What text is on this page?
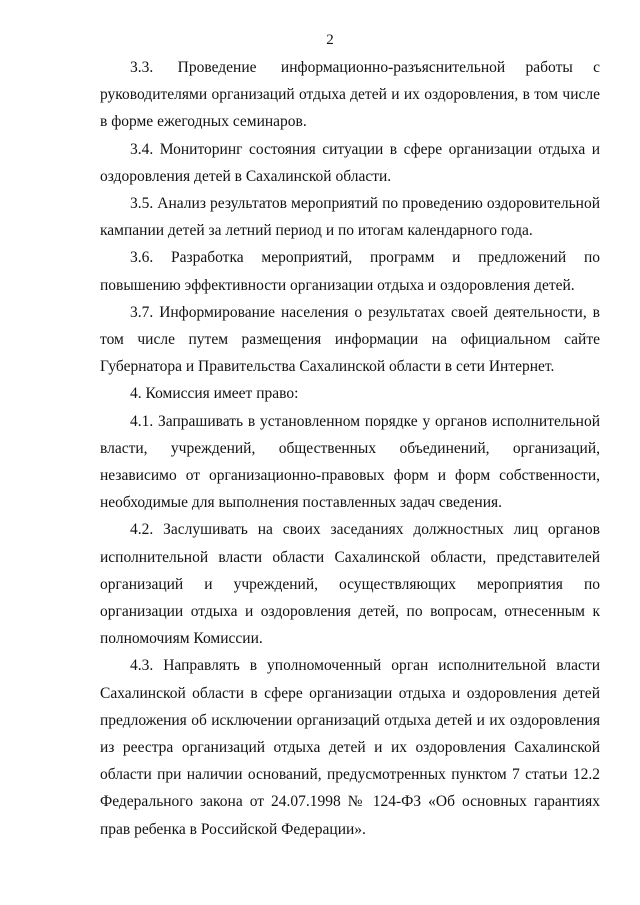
2

3.3.      Проведение      информационно-разъяснительной     работы     с руководителями организаций отдыха детей и их оздоровления, в том числе в форме ежегодных семинаров.

3.4. Мониторинг состояния ситуации в сфере организации отдыха и оздоровления детей в Сахалинской области.

3.5. Анализ результатов мероприятий по проведению оздоровительной кампании детей за летний период и по итогам календарного года.

3.6. Разработка мероприятий, программ и предложений по повышению эффективности организации отдыха и оздоровления детей.

3.7. Информирование населения о результатах своей деятельности, в том числе путем размещения информации на официальном сайте Губернатора и Правительства Сахалинской области в сети Интернет.

4. Комиссия имеет право:

4.1. Запрашивать в установленном порядке у органов исполнительной власти, учреждений, общественных объединений, организаций, независимо от организационно-правовых форм и форм собственности, необходимые для выполнения поставленных задач сведения.

4.2. Заслушивать на своих заседаниях должностных лиц органов исполнительной власти области Сахалинской области, представителей организаций и учреждений, осуществляющих мероприятия по организации отдыха и оздоровления детей, по вопросам, отнесенным к полномочиям Комиссии.

4.3. Направлять в уполномоченный орган исполнительной власти Сахалинской области в сфере организации отдыха и оздоровления детей предложения об исключении организаций отдыха детей и их оздоровления из реестра организаций отдыха детей и их оздоровления Сахалинской области при наличии оснований, предусмотренных пунктом 7 статьи 12.2 Федерального закона от 24.07.1998 № 124-ФЗ «Об основных гарантиях прав ребенка в Российской Федерации».
